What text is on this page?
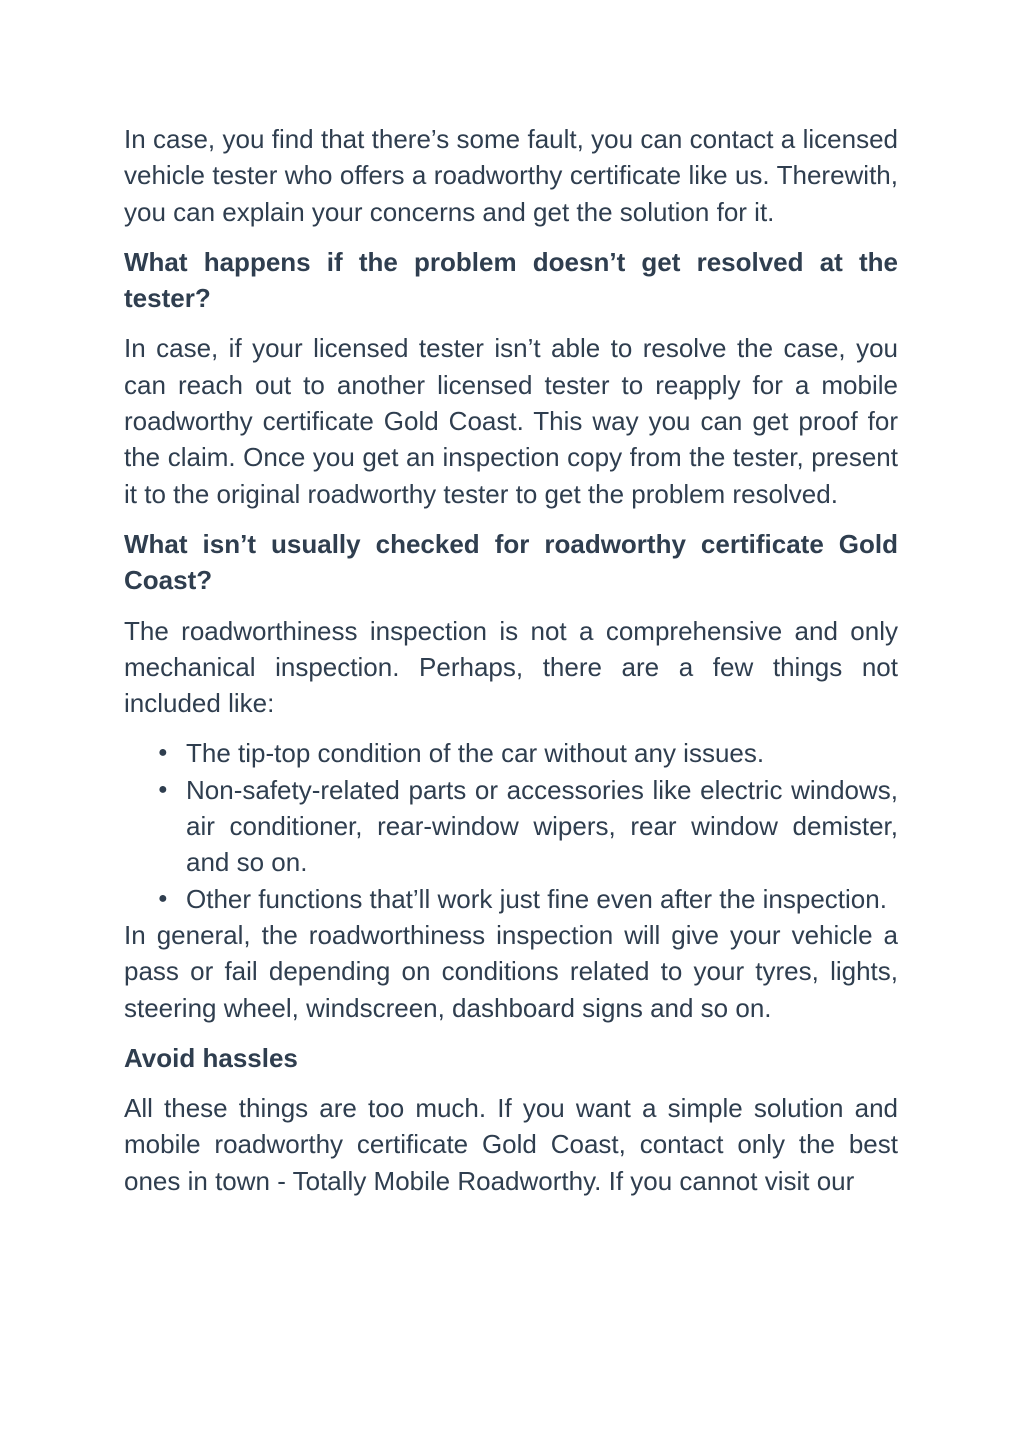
In case, you find that there’s some fault, you can contact a licensed vehicle tester who offers a roadworthy certificate like us. Therewith, you can explain your concerns and get the solution for it.

What happens if the problem doesn’t get resolved at the tester?

In case, if your licensed tester isn’t able to resolve the case, you can reach out to another licensed tester to reapply for a mobile roadworthy certificate Gold Coast. This way you can get proof for the claim. Once you get an inspection copy from the tester, present it to the original roadworthy tester to get the problem resolved.

What isn’t usually checked for roadworthy certificate Gold Coast?

The roadworthiness inspection is not a comprehensive and only mechanical inspection. Perhaps, there are a few things not included like:

● The tip-top condition of the car without any issues.
● Non-safety-related parts or accessories like electric windows, air conditioner, rear-window wipers, rear window demister, and so on.
● Other functions that’ll work just fine even after the inspection.

In general, the roadworthiness inspection will give your vehicle a pass or fail depending on conditions related to your tyres, lights, steering wheel, windscreen, dashboard signs and so on.

Avoid hassles

All these things are too much. If you want a simple solution and mobile roadworthy certificate Gold Coast, contact only the best ones in town - Totally Mobile Roadworthy. If you cannot visit our
